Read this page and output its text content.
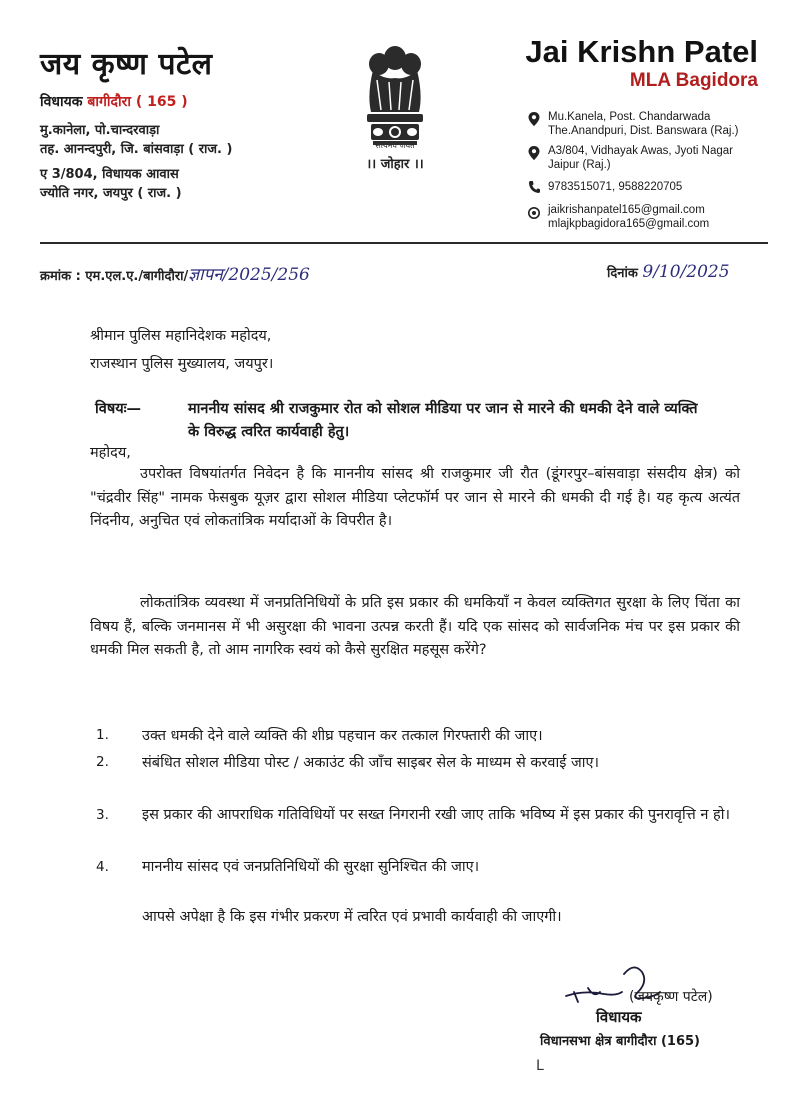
जय कृष्ण पटेल
विधायक बागीदौरा ( 165 )
मु.कानेला, पो.चान्दरवाड़ा
तह. आनन्दपुरी, जि. बांसवाड़ा ( राज. )
ए 3/804, विधायक आवास
ज्योति नगर, जयपुर ( राज. )
सत्यमेव जयते
।। जोहार ।।
Jai Krishn Patel
MLA Bagidora
Mu.Kanela, Post. Chandarwada
The.Anandpuri, Dist. Banswara (Raj.)
A3/804, Vidhayak Awas, Jyoti Nagar
Jaipur (Raj.)
9783515071, 9588220705
jaikrishanpatel165@gmail.com
mlajkpbagidora165@gmail.com
क्रमांक : एम.एल.ए./बागीदौरा/ज्ञापन/2025/256	दिनांक 9/10/2025
श्रीमान पुलिस महानिदेशक महोदय,
राजस्थान पुलिस मुख्यालय, जयपुर।
विषयः—	माननीय सांसद श्री राजकुमार रोत को सोशल मीडिया पर जान से मारने की धमकी देने वाले व्यक्ति के विरुद्ध त्वरित कार्यवाही हेतु।
महोदय,
उपरोक्त विषयांतर्गत निवेदन है कि माननीय सांसद श्री राजकुमार जी रौत (डूंगरपुर–बांसवाड़ा संसदीय क्षेत्र) को "चंद्रवीर सिंह" नामक फेसबुक यूज़र द्वारा सोशल मीडिया प्लेटफॉर्म पर जान से मारने की धमकी दी गई है। यह कृत्य अत्यंत निंदनीय, अनुचित एवं लोकतांत्रिक मर्यादाओं के विपरीत है।
लोकतांत्रिक व्यवस्था में जनप्रतिनिधियों के प्रति इस प्रकार की धमकियाँ न केवल व्यक्तिगत सुरक्षा के लिए चिंता का विषय हैं, बल्कि जनमानस में भी असुरक्षा की भावना उत्पन्न करती हैं। यदि एक सांसद को सार्वजनिक मंच पर इस प्रकार की धमकी मिल सकती है, तो आम नागरिक स्वयं को कैसे सुरक्षित महसूस करेंगे?
1. उक्त धमकी देने वाले व्यक्ति की शीघ्र पहचान कर तत्काल गिरफ्तारी की जाए।
2. संबंधित सोशल मीडिया पोस्ट / अकाउंट की जाँच साइबर सेल के माध्यम से करवाई जाए।
3. इस प्रकार की आपराधिक गतिविधियों पर सख्त निगरानी रखी जाए ताकि भविष्य में इस प्रकार की पुनरावृत्ति न हो।
4. माननीय सांसद एवं जनप्रतिनिधियों की सुरक्षा सुनिश्चित की जाए।
आपसे अपेक्षा है कि इस गंभीर प्रकरण में त्वरित एवं प्रभावी कार्यवाही की जाएगी।
(जयकृष्ण पटेल)
विधायक
विधानसभा क्षेत्र बागीदौरा (165)
L
